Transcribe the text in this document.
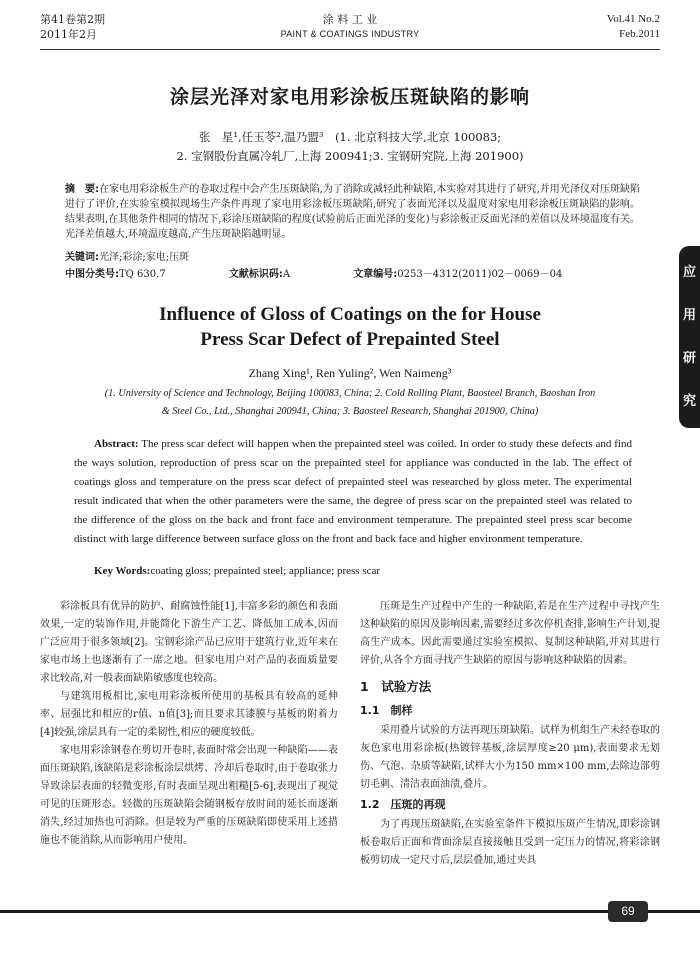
第41卷第2期
2011年2月
涂 料 工 业
PAINT & COATINGS INDUSTRY
Vol.41 No.2
Feb.2011
涂层光泽对家电用彩涂板压斑缺陷的影响
张　星¹,任玉苓²,温乃盟³　(1. 北京科技大学,北京 100083;
2. 宝钢股份直属冷轧厂,上海 200941;3. 宝钢研究院,上海 201900)
摘　要:在家电用彩涂板生产的卷取过程中会产生压斑缺陷,为了消除或减轻此种缺陷,本实验对其进行了研究,并用光泽仪对压斑缺陷进行了评价,在实验室模拟现场生产条件再现了家电用彩涂板压斑缺陷,研究了表面光泽以及温度对家电用彩涂板压斑缺陷的影响。结果表明,在其他条件相同的情况下,彩涂压斑缺陷的程度(试验前后正面光泽的变化)与彩涂板正反面光泽的差值以及环境温度有关。光泽差值越大,环境温度越高,产生压斑缺陷越明显。
关键词:光泽;彩涂;家电;压斑
中图分类号:TQ 630.7	文献标识码:A	文章编号:0253－4312(2011)02－0069－04
Influence of Gloss of Coatings on the for House
Press Scar Defect of Prepainted Steel
Zhang Xing¹, Ren Yuling², Wen Naimeng³
(1. University of Science and Technology, Beijing 100083, China; 2. Cold Rolling Plant, Baosteel Branch, Baoshan Iron & Steel Co., Ltd., Shanghai 200941, China; 3. Baosteel Research, Shanghai 201900, China)
Abstract: The press scar defect will happen when the prepainted steel was coiled. In order to study these defects and find the ways solution, reproduction of press scar on the prepainted steel for appliance was conducted in the lab. The effect of coatings gloss and temperature on the press scar defect of prepainted steel was researched by gloss meter. The experimental result indicated that when the other parameters were the same, the degree of press scar on the prepainted steel was related to the difference of the gloss on the back and front face and environment temperature. The prepainted steel press scar become distinct with large difference between surface gloss on the front and back face and higher environment temperature.
Key Words:coating gloss; prepainted steel; appliance; press scar

彩涂板具有优异的防护、耐腐蚀性能[1],丰富多彩的颜色和表面效果,一定的装饰作用,并能简化下游生产工艺、降低加工成本,因而广泛应用于很多领域[2]。宝钢彩涂产品已应用于建筑行业,近年来在家电市场上也逐渐有了一席之地。但家电用户对产品的表面质量要求比较高,对一般表面缺陷敏感度也较高。

与建筑用板相比,家电用彩涂板所使用的基板具有较高的延伸率、屈强比和相应的r值、n值[3];而且要求其漆膜与基板的附着力[4]较强,涂层具有一定的柔韧性,相应的硬度较低。

家电用彩涂钢卷在剪切开卷时,表面时常会出现一种缺陷——表面压斑缺陷,该缺陷是彩涂板涂层烘烤、冷却后卷取时,由于卷取张力导致涂层表面的轻微变形,有时表面呈现出粗糙[5-6],表现出了视觉可见的压斑形态。轻微的压斑缺陷会随钢板存放时间的延长而逐渐消失,经过加热也可消除。但是较为严重的压斑缺陷即使采用上述措施也不能消除,从而影响用户使用。

压斑是生产过程中产生的一种缺陷,若是在生产过程中寻找产生这种缺陷的原因及影响因素,需要经过多次停机查排,影响生产计划,提高生产成本。因此需要通过实验室模拟、复制这种缺陷,并对其进行评价,从各个方面寻找产生缺陷的原因与影响这种缺陷的因素。

1　试验方法
1.1　制样

采用叠片试验的方法再现压斑缺陷。试样为机组生产未经卷取的灰色家电用彩涂板(热镀锌基板,涂层厚度≥20 μm),表面要求无划伤、气泡、杂质等缺陷,试样大小为150 mm×100 mm,去除边部剪切毛刺、清洁表面油渍,叠片。

1.2　压斑的再现

为了再现压斑缺陷,在实验室条件下模拟压斑产生情况,即彩涂钢板卷取后正面和背面涂层直接接触且受到一定压力的情况,将彩涂钢板剪切成一定尺寸后,层层叠加,通过夹具

应
用
研
究
69
